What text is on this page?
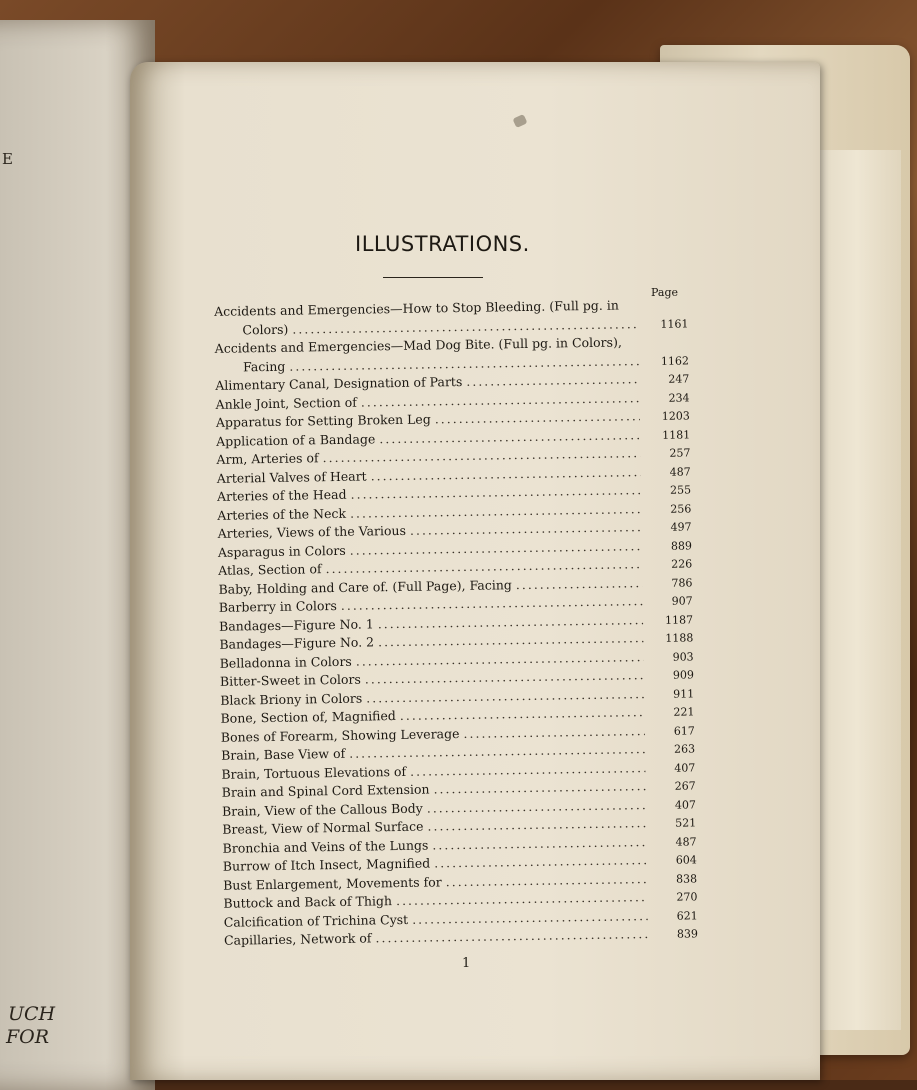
E
UCH
FOR
ILLUSTRATIONS.
Page
Accidents and Emergencies—How to Stop Bleeding. (Full pg. in
Colors) .....	1161
Accidents and Emergencies—Mad Dog Bite. (Full pg. in Colors),
Facing .....	1162
Alimentary Canal, Designation of Parts .....	247
Ankle Joint, Section of .....	234
Apparatus for Setting Broken Leg .....	1203
Application of a Bandage .....	1181
Arm, Arteries of .....	257
Arterial Valves of Heart .....	487
Arteries of the Head .....	255
Arteries of the Neck .....	256
Arteries, Views of the Various .....	497
Asparagus in Colors .....	889
Atlas, Section of .....	226
Baby, Holding and Care of. (Full Page), Facing .....	786
Barberry in Colors .....	907
Bandages—Figure No. 1 .....	1187
Bandages—Figure No. 2 .....	1188
Belladonna in Colors .....	903
Bitter-Sweet in Colors .....	909
Black Briony in Colors .....	911
Bone, Section of, Magnified .....	221
Bones of Forearm, Showing Leverage .....	617
Brain, Base View of .....	263
Brain, Tortuous Elevations of .....	407
Brain and Spinal Cord Extension .....	267
Brain, View of the Callous Body .....	407
Breast, View of Normal Surface .....	521
Bronchia and Veins of the Lungs .....	487
Burrow of Itch Insect, Magnified .....	604
Bust Enlargement, Movements for .....	838
Buttock and Back of Thigh .....	270
Calcification of Trichina Cyst .....	621
Capillaries, Network of .....	839
1
